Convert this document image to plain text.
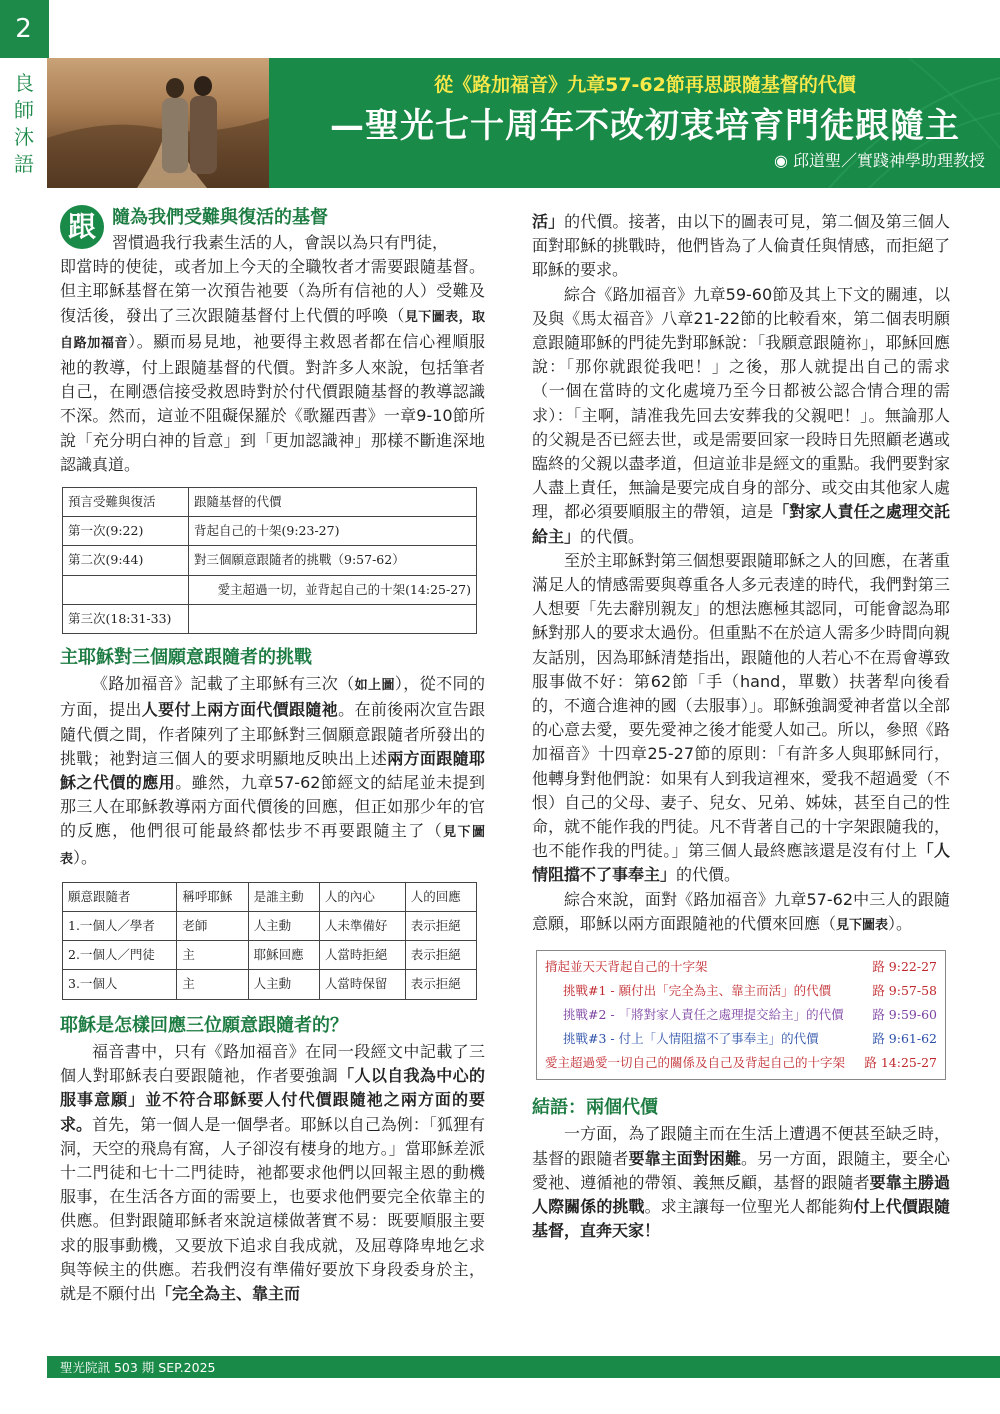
2
良師沐語
從《路加福音》九章57-62節再思跟隨基督的代價
—聖光七十周年不改初衷培育門徒跟隨主
◉ 邱道聖／實踐神學助理教授
跟 隨為我們受難與復活的基督
習慣過我行我素生活的人，會誤以為只有門徒，

即當時的使徒，或者加上今天的全職牧者才需要跟隨基督。但主耶穌基督在第一次預告祂要（為所有信祂的人）受難及復活後，發出了三次跟隨基督付上代價的呼喚（見下圖表，取自路加福音）。顯而易見地，祂要得主救恩者都在信心裡順服祂的教導，付上跟隨基督的代價。對許多人來說，包括筆者自己，在剛憑信接受救恩時對於付代價跟隨基督的教導認識不深。然而，這並不阻礙保羅於《歌羅西書》一章9-10節所說「充分明白神的旨意」到「更加認識神」那樣不斷進深地認識真道。

預言受難與復活	跟隨基督的代價
第一次(9:22)	背起自己的十架(9:23-27)
第二次(9:44)	對三個願意跟隨者的挑戰（9:57-62）
	愛主超過一切，並背起自己的十架(14:25-27)
第三次(18:31-33)	
主耶穌對三個願意跟隨者的挑戰

《路加福音》記載了主耶穌有三次（如上圖），從不同的方面，提出人要付上兩方面代價跟隨祂。在前後兩次宣告跟隨代價之間，作者陳列了主耶穌對三個願意跟隨者所發出的挑戰；祂對這三個人的要求明顯地反映出上述兩方面跟隨耶穌之代價的應用。雖然，九章57-62節經文的結尾並未提到那三人在耶穌教導兩方面代價後的回應，但正如那少年的官的反應，他們很可能最終都怯步不再要跟隨主了（見下圖表）。

願意跟隨者	稱呼耶穌	是誰主動	人的內心	人的回應
1.一個人／學者	老師	人主動	人未準備好	表示拒絕
2.一個人／門徒	主	耶穌回應	人當時拒絕	表示拒絕
3.一個人	主	人主動	人當時保留	表示拒絕
耶穌是怎樣回應三位願意跟隨者的？

福音書中，只有《路加福音》在同一段經文中記載了三個人對耶穌表白要跟隨祂，作者要強調「人以自我為中心的服事意願」並不符合耶穌要人付代價跟隨祂之兩方面的要求。首先，第一個人是一個學者。耶穌以自己為例：「狐狸有洞，天空的飛鳥有窩，人子卻沒有棲身的地方。」當耶穌差派十二門徒和七十二門徒時，祂都要求他們以回報主恩的動機服事，在生活各方面的需要上，也要求他們要完全依靠主的供應。但對跟隨耶穌者來說這樣做著實不易：既要順服主要求的服事動機，又要放下追求自我成就，及屈尊降卑地乞求與等候主的供應。若我們沒有準備好要放下身段委身於主，就是不願付出「完全為主、靠主而

活」的代價。接著，由以下的圖表可見，第二個及第三個人面對耶穌的挑戰時，他們皆為了人倫責任與情感，而拒絕了耶穌的要求。

綜合《路加福音》九章59-60節及其上下文的關連，以及與《馬太福音》八章21-22節的比較看來，第二個表明願意跟隨耶穌的門徒先對耶穌說：「我願意跟隨祢」，耶穌回應說：「那你就跟從我吧！」之後，那人就提出自己的需求（一個在當時的文化處境乃至今日都被公認合情合理的需求）：「主啊，請准我先回去安葬我的父親吧！」。無論那人的父親是否已經去世，或是需要回家一段時日先照顧老邁或臨終的父親以盡孝道，但這並非是經文的重點。我們要對家人盡上責任，無論是要完成自身的部分、或交由其他家人處理，都必須要順服主的帶領，這是「對家人責任之處理交託給主」的代價。

至於主耶穌對第三個想要跟隨耶穌之人的回應，在著重滿足人的情感需要與尊重各人多元表達的時代，我們對第三人想要「先去辭別親友」的想法應極其認同，可能會認為耶穌對那人的要求太過份。但重點不在於這人需多少時間向親友話別，因為耶穌清楚指出，跟隨他的人若心不在焉會導致服事做不好：第62節「手（hand，單數）扶著犁向後看的，不適合進神的國（去服事）」。耶穌強調愛神者當以全部的心意去愛，要先愛神之後才能愛人如己。所以，參照《路加福音》十四章25-27節的原則：「有許多人與耶穌同行，他轉身對他們說：如果有人到我這裡來，愛我不超過愛（不恨）自己的父母、妻子、兒女、兄弟、姊妹，甚至自己的性命，就不能作我的門徒。凡不背著自己的十字架跟隨我的，也不能作我的門徒。」第三個人最終應該還是沒有付上「人情阻擋不了事奉主」的代價。

綜合來說，面對《路加福音》九章57-62中三人的跟隨意願，耶穌以兩方面跟隨祂的代價來回應（見下圖表）。

揹起並天天背起自己的十字架	路 9:22-27
挑戰#1 - 願付出「完全為主、靠主而活」的代價	路 9:57-58
挑戰#2 - 「將對家人責任之處理提交給主」的代價 路 9:59-60
挑戰#3 - 付上「人情阻擋不了事奉主」的代價	路 9:61-62
愛主超過愛一切自己的關係及自己及背起自己的十字架 路 14:25-27
結語：兩個代價

一方面，為了跟隨主而在生活上遭遇不便甚至缺乏時，基督的跟隨者要靠主面對困難。另一方面，跟隨主，要全心愛祂、遵循祂的帶領、義無反顧，基督的跟隨者要靠主勝過人際關係的挑戰。求主讓每一位聖光人都能夠付上代價跟隨基督，直奔天家！

聖光院訊 503 期 SEP.2025
